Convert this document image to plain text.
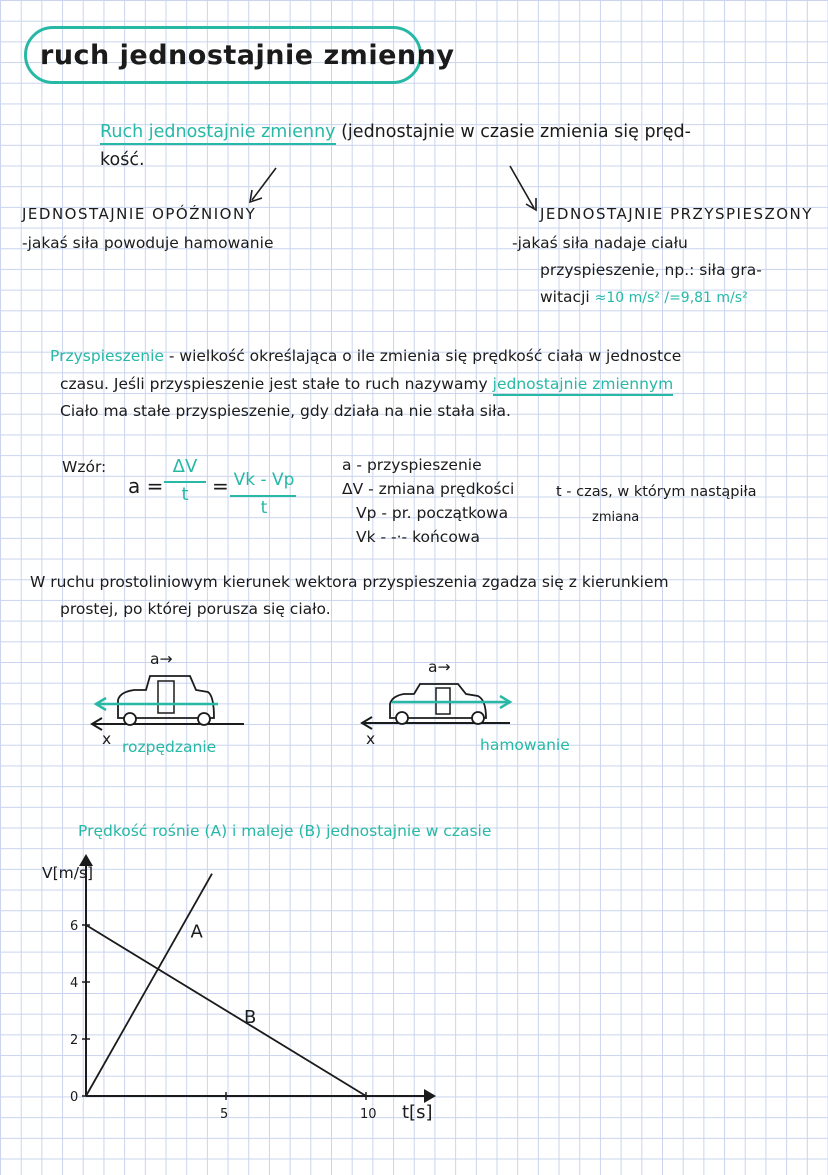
ruch jednostajnie zmienny
Ruch jednostajnie zmienny (jednostajnie w czasie zmienia się pręd-
kość.
JEDNOSTAJNIE OPÓŹNIONY
-jakaś siła powoduje hamowanie
JEDNOSTAJNIE PRZYSPIESZONY
-jakaś siła nadaje ciału
przyspieszenie, np.: siła gra-
witacji ≈10 m/s² /=9,81 m/s²
Przyspieszenie - wielkość określająca o ile zmienia się prędkość ciała w jednostce
czasu. Jeśli przyspieszenie jest stałe to ruch nazywamy jednostajnie zmiennym
Ciało ma stałe przyspieszenie, gdy działa na nie stała siła.
Wzór:
a =
ΔV
t	= Vk - Vp
t
a - przyspieszenie
ΔV - zmiana prędkości
Vp - pr. początkowa
Vk - -·- końcowa
t - czas, w którym nastąpiła
zmiana
W ruchu prostoliniowym kierunek wektora przyspieszenia zgadza się z kierunkiem
prostej, po której porusza się ciało.
a→
x rozpędzanie
a→
x	hamowanie
Prędkość rośnie (A) i maleje (B) jednostajnie w czasie
0
2
4
6
5	10
A
B
V[m/s]
t[s]
